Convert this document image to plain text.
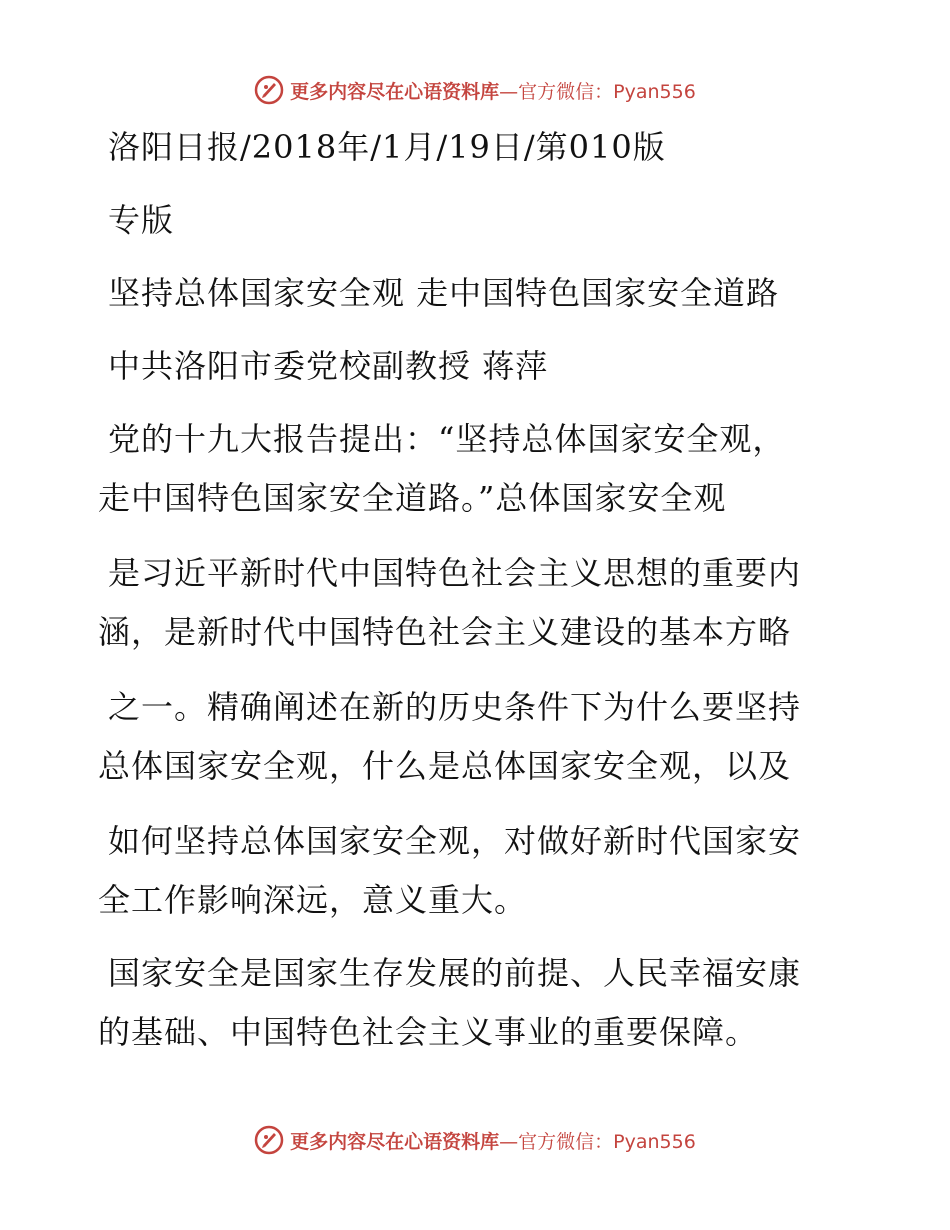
更多内容尽在心语资料库—官方微信：Pyan556
洛阳日报/2018年/1月/19日/第010版
专版
坚持总体国家安全观 走中国特色国家安全道路
中共洛阳市委党校副教授 蒋萍
党的十九大报告提出：“坚持总体国家安全观，
走中国特色国家安全道路。”总体国家安全观
是习近平新时代中国特色社会主义思想的重要内
涵，是新时代中国特色社会主义建设的基本方略
之一。精确阐述在新的历史条件下为什么要坚持
总体国家安全观，什么是总体国家安全观，以及
如何坚持总体国家安全观，对做好新时代国家安
全工作影响深远，意义重大。
国家安全是国家生存发展的前提、人民幸福安康
的基础、中国特色社会主义事业的重要保障。
更多内容尽在心语资料库—官方微信：Pyan556
